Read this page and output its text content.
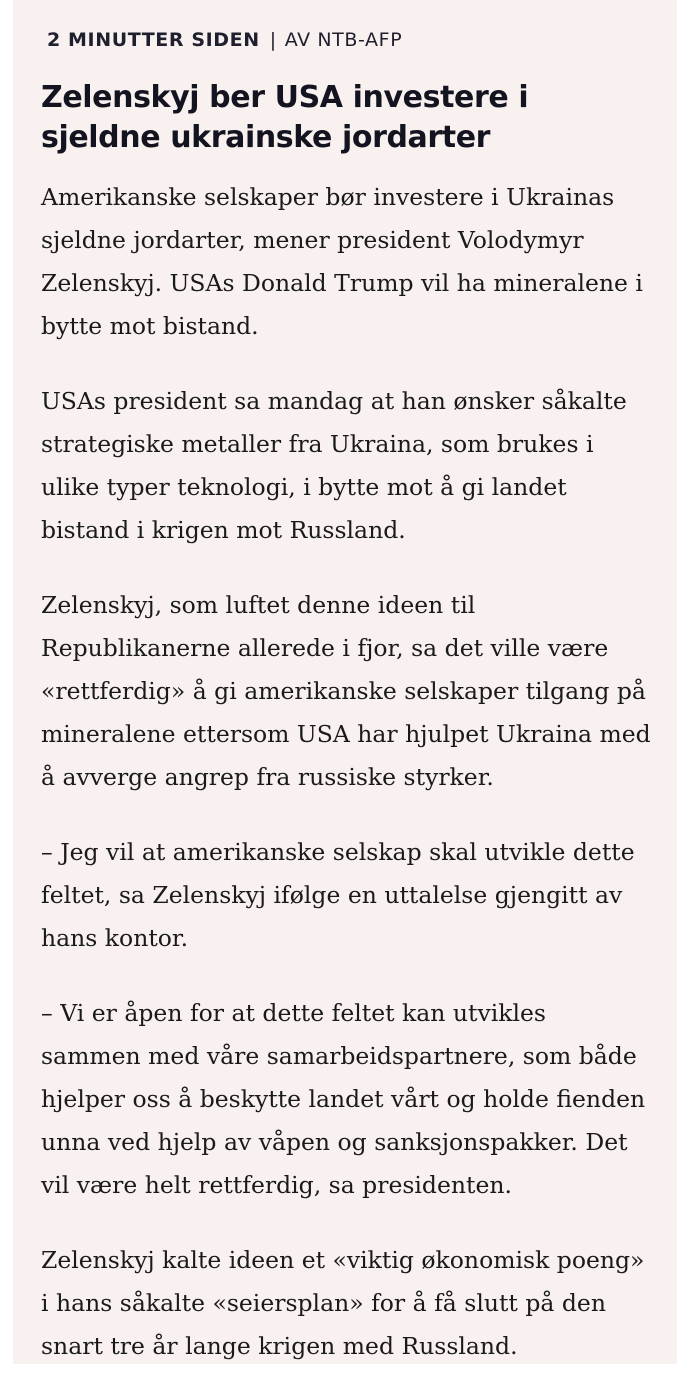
2 MINUTTER SIDEN | AV NTB-AFP
Zelenskyj ber USA investere i sjeldne ukrainske jordarter

Amerikanske selskaper bør investere i Ukrainas sjeldne jordarter, mener president Volodymyr Zelenskyj. USAs Donald Trump vil ha mineralene i bytte mot bistand.

USAs president sa mandag at han ønsker såkalte strategiske metaller fra Ukraina, som brukes i ulike typer teknologi, i bytte mot å gi landet bistand i krigen mot Russland.

Zelenskyj, som luftet denne ideen til Republikanerne allerede i fjor, sa det ville være «rettferdig» å gi amerikanske selskaper tilgang på mineralene ettersom USA har hjulpet Ukraina med å avverge angrep fra russiske styrker.

– Jeg vil at amerikanske selskap skal utvikle dette feltet, sa Zelenskyj ifølge en uttalelse gjengitt av hans kontor.

– Vi er åpen for at dette feltet kan utvikles sammen med våre samarbeidspartnere, som både hjelper oss å beskytte landet vårt og holde fienden unna ved hjelp av våpen og sanksjonspakker. Det vil være helt rettferdig, sa presidenten.

Zelenskyj kalte ideen et «viktig økonomisk poeng» i hans såkalte «seiersplan» for å få slutt på den snart tre år lange krigen med Russland.
